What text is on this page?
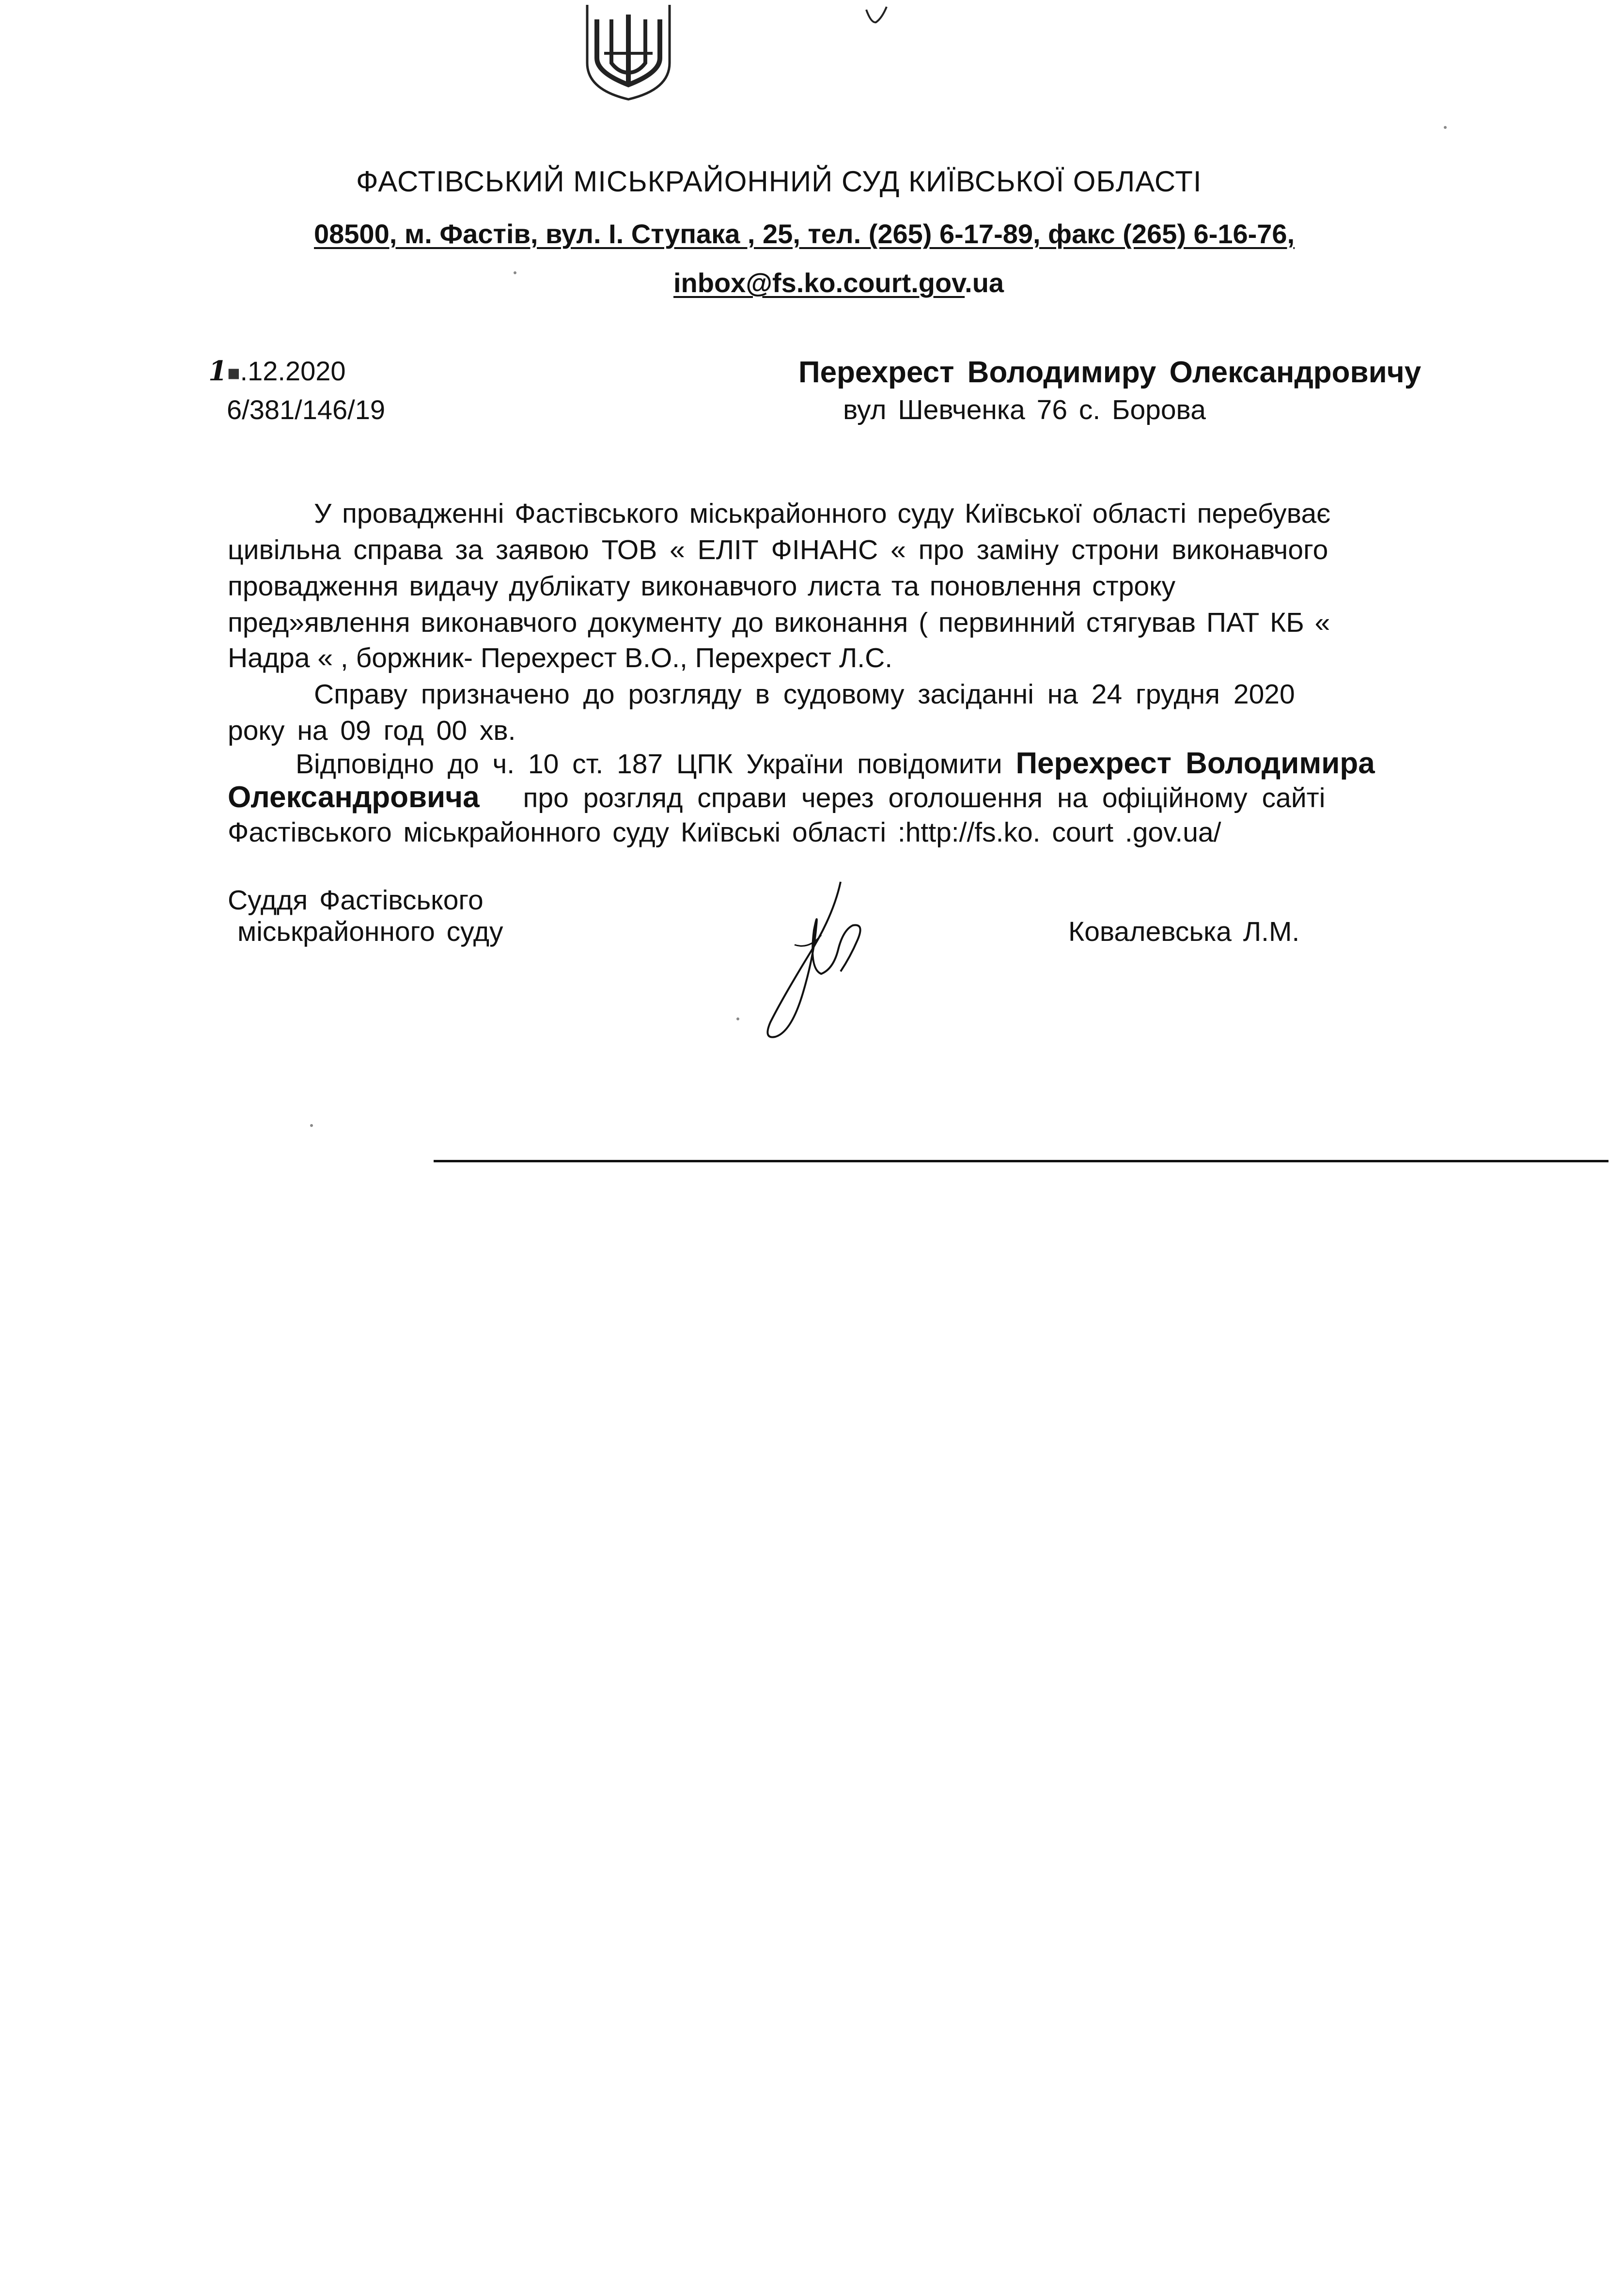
ФАСТІВСЬКИЙ МІСЬКРАЙОННИЙ СУД КИЇВСЬКОЇ ОБЛАСТІ
08500, м. Фастів, вул. І. Ступака , 25, тел. (265) 6-17-89, факс (265) 6-16-76,
inbox@fs.ko.court.gov.ua
1■.12.2020
6/381/146/19
Перехрест Володимиру Олександровичу
вул Шевченка 76 с. Борова
У провадженні Фастівського міськрайонного суду Київської області перебуває
цивільна справа за заявою ТОВ « ЕЛІТ ФІНАНС « про заміну строни виконавчого
провадження видачу дублікату виконавчого листа та поновлення строку
пред»явлення виконавчого документу до виконання ( первинний стягував ПАТ КБ «
Надра « , боржник- Перехрест В.О., Перехрест Л.С.
Справу призначено до розгляду в судовому засіданні на 24 грудня 2020
року на 09 год 00 хв.
Відповідно до ч. 10 ст. 187 ЦПК України повідомити Перехрест Володимира
Олександровича про розгляд справи через оголошення на офіційному сайті
Фастівського міськрайонного суду Київські області :http://fs.ko. court .gov.ua/
Суддя Фастівського
міськрайонного суду	Ковалевська Л.М.
